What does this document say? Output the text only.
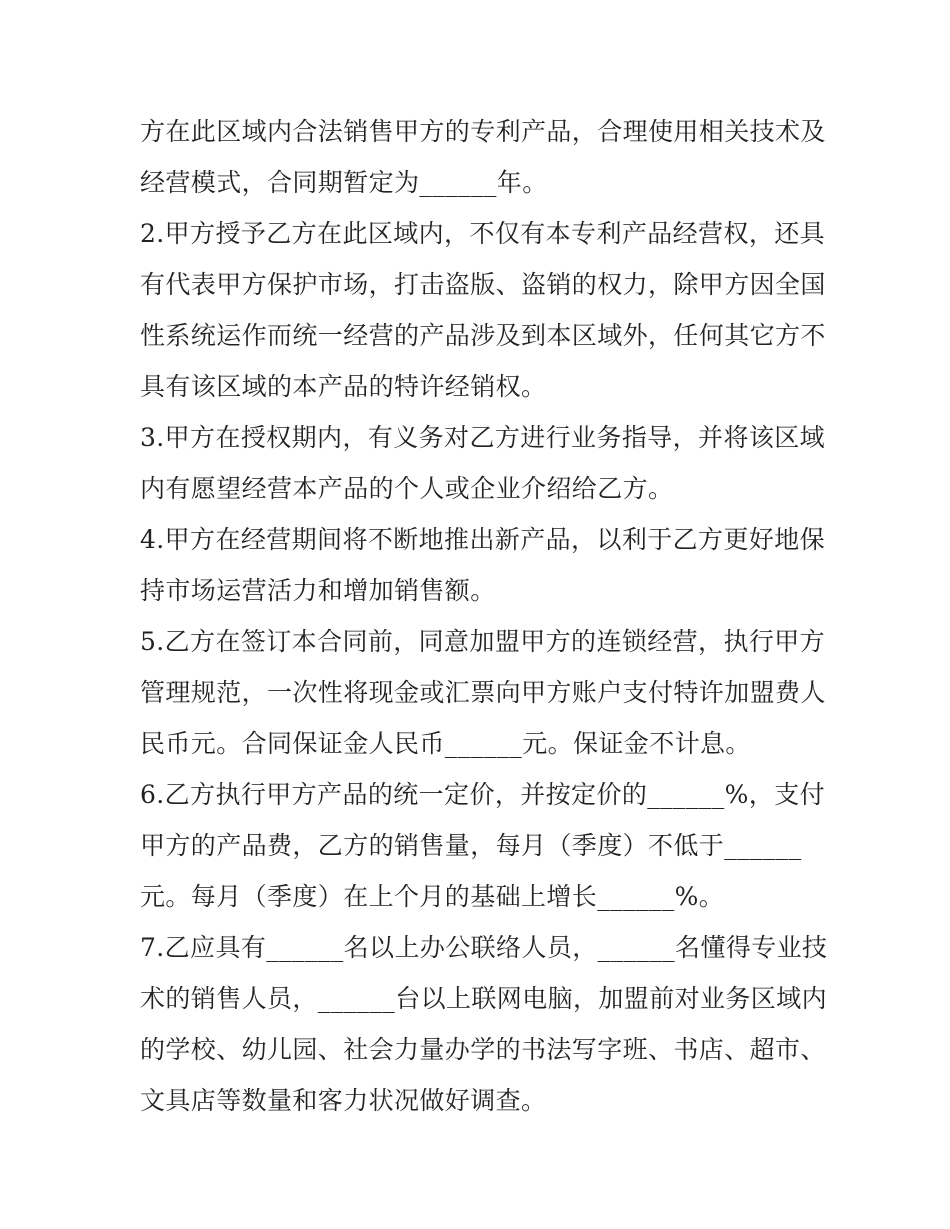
方在此区域内合法销售甲方的专利产品，合理使用相关技术及
经营模式，合同期暂定为______年。
2.甲方授予乙方在此区域内，不仅有本专利产品经营权，还具
有代表甲方保护市场，打击盗版、盗销的权力，除甲方因全国
性系统运作而统一经营的产品涉及到本区域外，任何其它方不
具有该区域的本产品的特许经销权。
3.甲方在授权期内，有义务对乙方进行业务指导，并将该区域
内有愿望经营本产品的个人或企业介绍给乙方。
4.甲方在经营期间将不断地推出新产品，以利于乙方更好地保
持市场运营活力和增加销售额。
5.乙方在签订本合同前，同意加盟甲方的连锁经营，执行甲方
管理规范，一次性将现金或汇票向甲方账户支付特许加盟费人
民币元。合同保证金人民币______元。保证金不计息。
6.乙方执行甲方产品的统一定价，并按定价的______%，支付
甲方的产品费，乙方的销售量，每月（季度）不低于______
元。每月（季度）在上个月的基础上增长______%。
7.乙应具有______名以上办公联络人员，______名懂得专业技
术的销售人员，______台以上联网电脑，加盟前对业务区域内
的学校、幼儿园、社会力量办学的书法写字班、书店、超市、
文具店等数量和客力状况做好调查。
